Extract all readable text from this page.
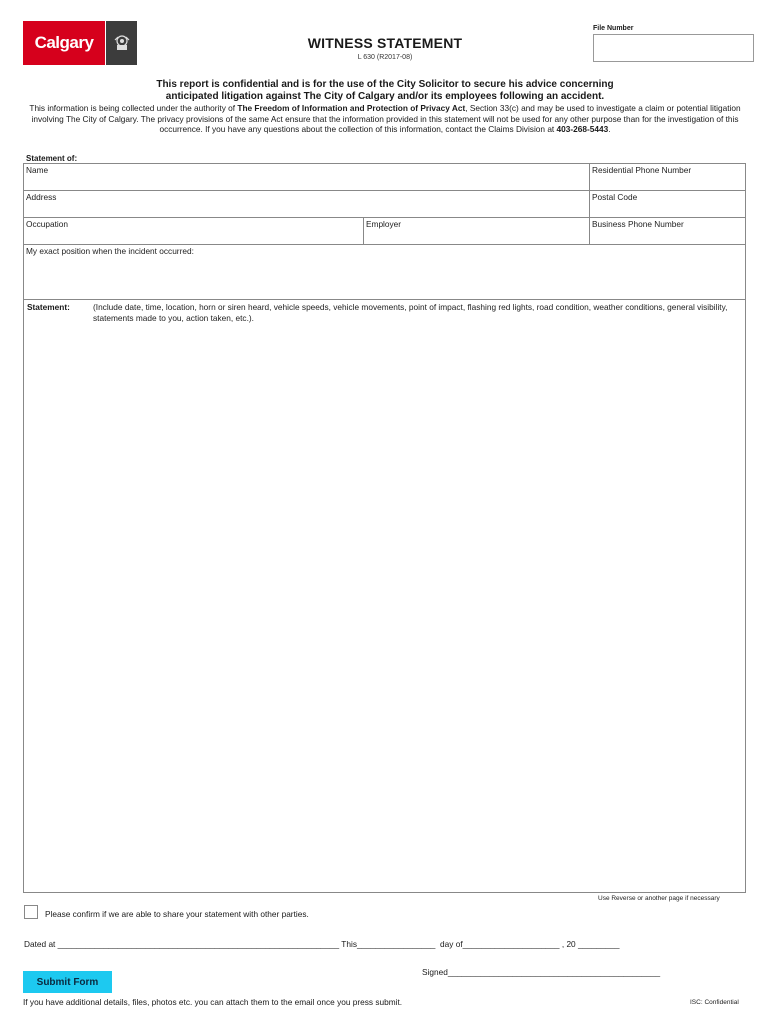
Calgary	WITNESS STATEMENT
L 630 (R2017-08)
File Number
This report is confidential and is for the use of the City Solicitor to secure his advice concerning
anticipated litigation against The City of Calgary and/or its employees following an accident.
This information is being collected under the authority of The Freedom of Information and Protection of Privacy Act, Section 33(c) and may be used to investigate a claim or potential litigation involving The City of Calgary. The privacy provisions of the same Act ensure that the information provided in this statement will not be used for any other purpose than for the investigation of this occurrence. If you have any questions about the collection of this information, contact the Claims Division at 403-268-5443.
Statement of:
Name	Residential Phone Number
Address	Postal Code
Occupation	Employer	Business Phone Number
My exact position when the incident occurred:
Statement:	(Include date, time, location, horn or siren heard, vehicle speeds, vehicle movements, point of impact, flashing red lights, road condition, weather conditions, general visibility, statements made to you, action taken, etc.).
Use Reverse or another page if necessary
Please confirm if we are able to share your statement with other parties.
Dated at _____________________________________________________________ This_________________  day of_____________________ , 20 _________
Signed______________________________________________
Submit Form
If you have additional details, files, photos etc. you can attach them to the email once you press submit.	ISC: Confidential
